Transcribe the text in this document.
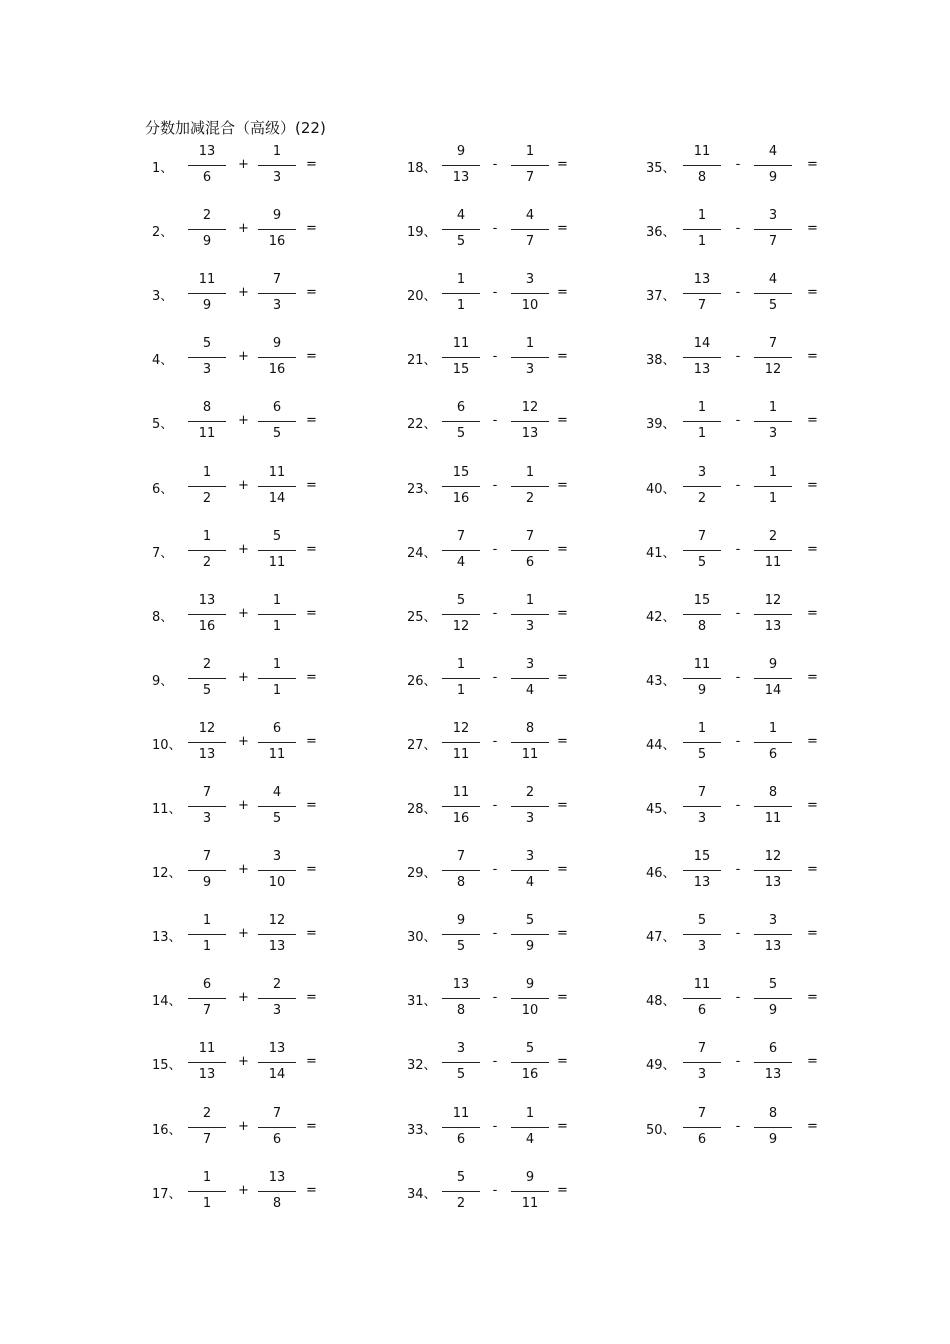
分数加减混合（高级）(22)
1、
13
6
+
1
3
=
2、
2
9
+
9
16
=
3、
11
9
+
7
3
=
4、
5
3
+
9
16
=
5、
8
11
+
6
5
=
6、
1
2
+
11
14
=
7、
1
2
+
5
11
=
8、
13
16
+
1
1
=
9、
2
5
+
1
1
=
10、
12
13
+
6
11
=
11、
7
3
+
4
5
=
12、
7
9
+
3
10
=
13、
1
1
+
12
13
=
14、
6
7
+
2
3
=
15、
11
13
+
13
14
=
16、
2
7
+
7
6
=
17、
1
1
+
13
8
=
18、
9
13
-
1
7
=
19、
4
5
-
4
7
=
20、
1
1
-
3
10
=
21、
11
15
-
1
3
=
22、
6
5
-
12
13
=
23、
15
16
-
1
2
=
24、
7
4
-
7
6
=
25、
5
12
-
1
3
=
26、
1
1
-
3
4
=
27、
12
11
-
8
11
=
28、
11
16
-
2
3
=
29、
7
8
-
3
4
=
30、
9
5
-
5
9
=
31、
13
8
-
9
10
=
32、
3
5
-
5
16
=
33、
11
6
-
1
4
=
34、
5
2
-
9
11
=
35、
11
8
-
4
9
=
36、
1
1
-
3
7
=
37、
13
7
-
4
5
=
38、
14
13
-
7
12
=
39、
1
1
-
1
3
=
40、
3
2
-
1
1
=
41、
7
5
-
2
11
=
42、
15
8
-
12
13
=
43、
11
9
-
9
14
=
44、
1
5
-
1
6
=
45、
7
3
-
8
11
=
46、
15
13
-
12
13
=
47、
5
3
-
3
13
=
48、
11
6
-
5
9
=
49、
7
3
-
6
13
=
50、
7
6
-
8
9
=
